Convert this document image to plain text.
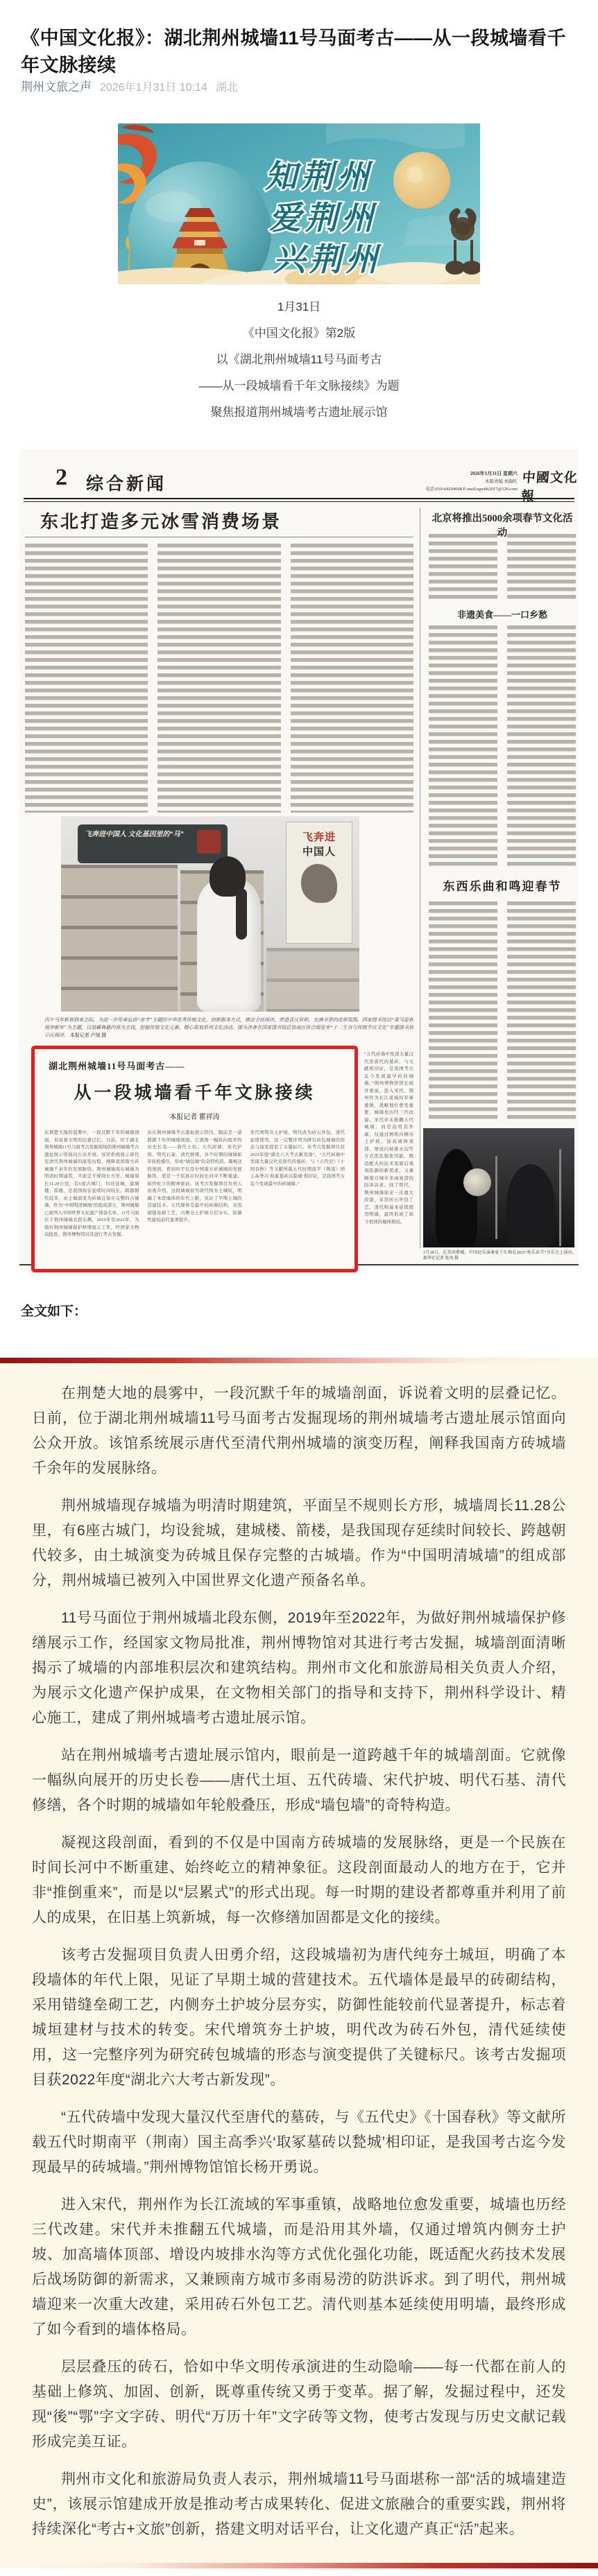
《中国文化报》：湖北荆州城墙11号马面考古——从一段城墙看千年文脉接续
荆州文旅之声 2026年1月31日 10:14 湖北
知荆州
爱荆州
兴荆州
1月31日
《中国文化报》第2版
以《湖北荆州城墙11号马面考古
——从一段城墙看千年文脉接续》为题
聚焦报道荆州城墙考古遗址展示馆
2 综合新闻
2026年1月31日 星期六
本版责编 刘海红
电话:010-64294608 E-mail:zgwhb2017@126.com
中國文化報
东北打造多元冰雪消费场景	北京将推出5000余项春节文化活动
非遗美食——一口乡愁
东西乐曲和鸣迎春节
飞奔进中国人 文化基因里的“马”	飞奔进
中国人
丙午马年新春到来之际，为进一步传承弘扬“春节”主题的中华优秀传统文化，创新服务方式，推动全民阅读，营造喜庆祥和、充满书香的浓厚氛围，国家图书馆以“策马迎春 阅享新年”为主题，以馆藏典籍内容为主线，挖掘传统文化元素，精心策划系列文化活动。图为读者在国家图书馆总馆南区综合阅览室“十二生肖与传统节庆文化”专题图书展示区阅读。 本报记者 卢旭 摄
湖北荆州城墙11号马面考古——
从一段城墙看千年文脉接续
本报记者 瞿祥涛
在荆楚大地的晨雾中，一段沉默千年的城墙剖面，诉说着文明的层叠记忆。日前，位于湖北荆州城墙11号马面考古发掘现场的荆州城墙考古遗址展示馆面向公众开放。该馆系统展示唐代至清代荆州城墙的演变历程，阐释我国南方砖城墙千余年的发展脉络。荆州城墙现存城墙为明清时期建筑，平面呈不规则长方形，城墙周长11.28公里，有6座古城门，均设瓮城，建城楼、箭楼，是我国现存延续时间较长、跨越朝代较多，由土城演变为砖城且保存完整的古城墙。作为“中国明清城墙”的组成部分，荆州城墙已被列入中国世界文化遗产预备名单。11号马面位于荆州城墙北段东侧，2019年至2022年，为做好荆州城墙保护修缮展示工作，经国家文物局批准，荆州博物馆对其进行考古发掘。
站在荆州城墙考古遗址展示馆内，眼前是一道跨越千年的城墙剖面。它就像一幅纵向展开的历史长卷——唐代土垣、五代砖墙、宋代护坡、明代石基、清代修缮，各个时期的城墙如年轮般叠压，形成“墙包墙”的奇特构造。凝视这段剖面，看到的不仅是中国南方砖城墙的发展脉络，更是一个民族在时间长河中不断重建、始终屹立的精神象征。该考古发掘项目负责人田勇介绍，这段城墙初为唐代纯夯土城垣，明确了本段墙体的年代上限，见证了早期土城的营建技术。五代墙体是最早的砖砌结构，采用错缝垒砌工艺，内侧夯土护坡分层夯实，防御性能较前代显著提升。
宋代增筑夯土护坡，明代改为砖石外包，清代延续使用，这一完整序列为研究砖包城墙的形态与演变提供了关键标尺。该考古发掘项目获2022年度“湖北六大考古新发现”。“五代砖墙中发现大量汉代至唐代的墓砖，与《五代史》《十国春秋》等文献所载五代时期南平（荆南）国主高季兴‘取冢墓砖以甃城’相印证，是我国考古迄今发现最早的砖城墙。”
“五代砖墙中发现大量汉代至唐代的墓砖，与文献相印证，是我国考古迄今发现最早的砖城墙。”荆州博物馆馆长杨开勇说。进入宋代，荆州作为长江流域的军事重镇，战略地位愈发重要，城墙也历经三代改建。宋代并未推翻五代城墙，而是沿用其外墙，仅通过增筑内侧夯土护坡、加高墙体顶部、增设内坡排水沟等方式优化强化功能，既适配火药技术发展后战场防御的新需求，又兼顾南方城市多雨易涝的防洪诉求。到了明代，荆州城墙迎来一次重大改建，采用砖石外包工艺。清代则基本延续使用明墙，最终形成了如今看到的墙体格局。
1月28日，在美国费城，中国民乐演奏家于红梅在2025“欢乐春节”音乐会上演出。　新华社记者 张凤 摄
全文如下：

在荆楚大地的晨雾中，一段沉默千年的城墙剖面，诉说着文明的层叠记忆。日前，位于湖北荆州城墙11号马面考古发掘现场的荆州城墙考古遗址展示馆面向公众开放。该馆系统展示唐代至清代荆州城墙的演变历程，阐释我国南方砖城墙千余年的发展脉络。

荆州城墙现存城墙为明清时期建筑，平面呈不规则长方形，城墙周长11.28公里，有6座古城门，均设瓮城，建城楼、箭楼，是我国现存延续时间较长、跨越朝代较多，由土城演变为砖城且保存完整的古城墙。作为“中国明清城墙”的组成部分，荆州城墙已被列入中国世界文化遗产预备名单。

11号马面位于荆州城墙北段东侧，2019年至2022年，为做好荆州城墙保护修缮展示工作，经国家文物局批准，荆州博物馆对其进行考古发掘，城墙剖面清晰揭示了城墙的内部堆积层次和建筑结构。荆州市文化和旅游局相关负责人介绍，为展示文化遗产保护成果，在文物相关部门的指导和支持下，荆州科学设计、精心施工，建成了荆州城墙考古遗址展示馆。

站在荆州城墙考古遗址展示馆内，眼前是一道跨越千年的城墙剖面。它就像一幅纵向展开的历史长卷——唐代土垣、五代砖墙、宋代护坡、明代石基、清代修缮，各个时期的城墙如年轮般叠压，形成“墙包墙”的奇特构造。

凝视这段剖面，看到的不仅是中国南方砖城墙的发展脉络，更是一个民族在时间长河中不断重建、始终屹立的精神象征。这段剖面最动人的地方在于，它并非“推倒重来”，而是以“层累式”的形式出现。每一时期的建设者都尊重并利用了前人的成果，在旧基上筑新城，每一次修缮加固都是文化的接续。

该考古发掘项目负责人田勇介绍，这段城墙初为唐代纯夯土城垣，明确了本段墙体的年代上限，见证了早期土城的营建技术。五代墙体是最早的砖砌结构，采用错缝垒砌工艺，内侧夯土护坡分层夯实，防御性能较前代显著提升，标志着城垣建材与技术的转变。宋代增筑夯土护坡，明代改为砖石外包，清代延续使用，这一完整序列为研究砖包城墙的形态与演变提供了关键标尺。该考古发掘项目获2022年度“湖北六大考古新发现”。

“五代砖墙中发现大量汉代至唐代的墓砖，与《五代史》《十国春秋》等文献所载五代时期南平（荆南）国主高季兴‘取冢墓砖以甃城’相印证，是我国考古迄今发现最早的砖城墙。”荆州博物馆馆长杨开勇说。

进入宋代，荆州作为长江流域的军事重镇，战略地位愈发重要，城墙也历经三代改建。宋代并未推翻五代城墙，而是沿用其外墙，仅通过增筑内侧夯土护坡、加高墙体顶部、增设内坡排水沟等方式优化强化功能，既适配火药技术发展后战场防御的新需求，又兼顾南方城市多雨易涝的防洪诉求。到了明代，荆州城墙迎来一次重大改建，采用砖石外包工艺。清代则基本延续使用明墙，最终形成了如今看到的墙体格局。

层层叠压的砖石，恰如中华文明传承演进的生动隐喻——每一代都在前人的基础上修筑、加固、创新，既尊重传统又勇于变革。据了解，发掘过程中，还发现“後”“鄂”字文字砖、明代“万历十年”文字砖等文物，使考古发现与历史文献记载形成完美互证。

荆州市文化和旅游局负责人表示，荆州城墙11号马面堪称一部“活的城墙建造史”，该展示馆建成开放是推动考古成果转化、促进文旅融合的重要实践，荆州将持续深化“考古+文旅”创新，搭建文明对话平台，让文化遗产真正“活”起来。
